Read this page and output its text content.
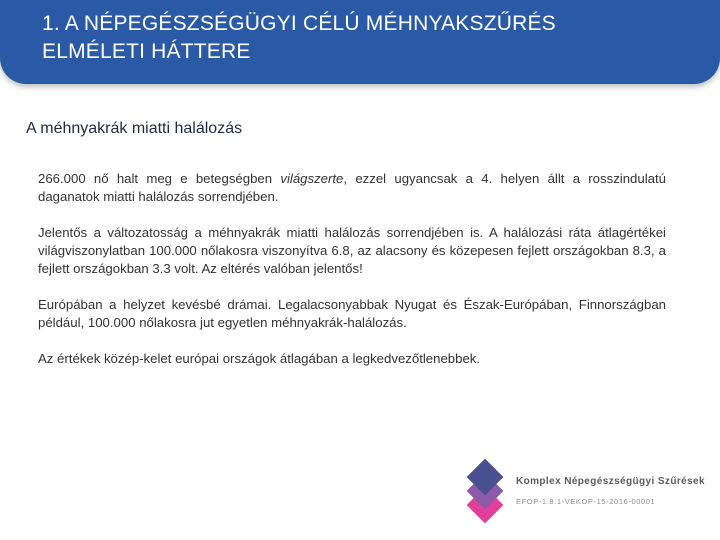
1. A NÉPEGÉSZSÉGÜGYI CÉLÚ MÉHNYAKSZŰRÉS
ELMÉLETI HÁTTERE
A méhnyakrák miatti halálozás

266.000 nő halt meg e betegségben világszerte, ezzel ugyancsak a 4. helyen állt a rosszindulatú daganatok miatti halálozás sorrendjében.

Jelentős a változatosság a méhnyakrák miatti halálozás sorrendjében is. A halálozási ráta átlagértékei világviszonylatban 100.000 nőlakosra viszonyítva 6.8, az alacsony és közepesen fejlett országokban 8.3, a fejlett országokban 3.3 volt. Az eltérés valóban jelentős!

Európában a helyzet kevésbé drámai. Legalacsonyabbak Nyugat és Észak-Európában, Finnországban például, 100.000 nőlakosra jut egyetlen méhnyakrák-halálozás.

Az értékek közép-kelet európai országok átlagában a legkedvezőtlenebbek.

Komplex Népegészségügyi Szűrések
EFOP-1.8.1-VEKOP-15-2016-00001
